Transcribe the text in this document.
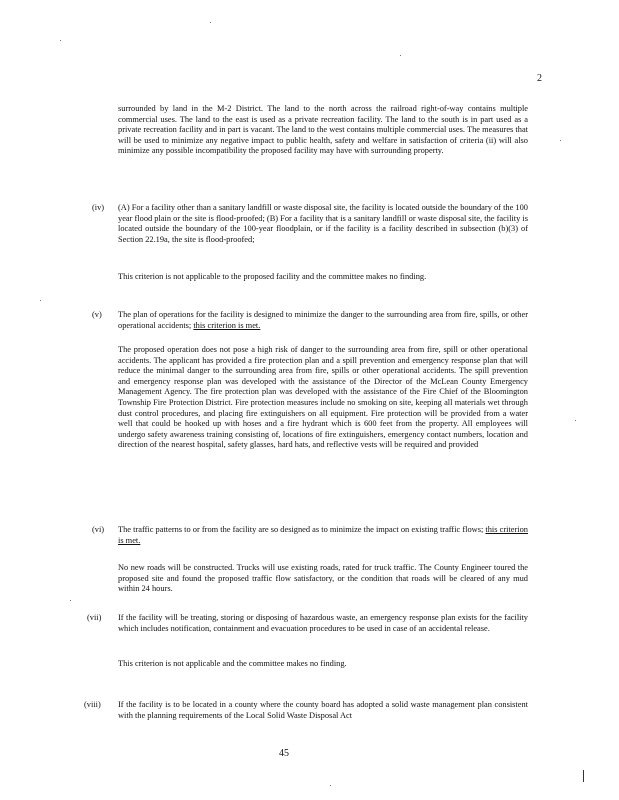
2

surrounded by land in the M-2 District. The land to the north across the railroad right-of-way contains multiple commercial uses. The land to the east is used as a private recreation facility. The land to the south is in part used as a private recreation facility and in part is vacant. The land to the west contains multiple commercial uses. The measures that will be used to minimize any negative impact to public health, safety and welfare in satisfaction of criteria (ii) will also minimize any possible incompatibility the proposed facility may have with surrounding property.

(iv) (A) For a facility other than a sanitary landfill or waste disposal site, the facility is located outside the boundary of the 100 year flood plain or the site is flood-proofed; (B) For a facility that is a sanitary landfill or waste disposal site, the facility is located outside the boundary of the 100-year floodplain, or if the facility is a facility described in subsection (b)(3) of Section 22.19a, the site is flood-proofed;

This criterion is not applicable to the proposed facility and the committee makes no finding.

(v) The plan of operations for the facility is designed to minimize the danger to the surrounding area from fire, spills, or other operational accidents; this criterion is met.

The proposed operation does not pose a high risk of danger to the surrounding area from fire, spill or other operational accidents. The applicant has provided a fire protection plan and a spill prevention and emergency response plan that will reduce the minimal danger to the surrounding area from fire, spills or other operational accidents. The spill prevention and emergency response plan was developed with the assistance of the Director of the McLean County Emergency Management Agency. The fire protection plan was developed with the assistance of the Fire Chief of the Bloomington Township Fire Protection District. Fire protection measures include no smoking on site, keeping all materials wet through dust control procedures, and placing fire extinguishers on all equipment. Fire protection will be provided from a water well that could be hooked up with hoses and a fire hydrant which is 600 feet from the property. All employees will undergo safety awareness training consisting of, locations of fire extinguishers, emergency contact numbers, location and direction of the nearest hospital, safety glasses, hard hats, and reflective vests will be required and provided

(vi) The traffic patterns to or from the facility are so designed as to minimize the impact on existing traffic flows; this criterion is met.

No new roads will be constructed. Trucks will use existing roads, rated for truck traffic. The County Engineer toured the proposed site and found the proposed traffic flow satisfactory, or the condition that roads will be cleared of any mud within 24 hours.

(vii) If the facility will be treating, storing or disposing of hazardous waste, an emergency response plan exists for the facility which includes notification, containment and evacuation procedures to be used in case of an accidental release.

This criterion is not applicable and the committee makes no finding.

(viii) If the facility is to be located in a county where the county board has adopted a solid waste management plan consistent with the planning requirements of the Local Solid Waste Disposal Act

45
